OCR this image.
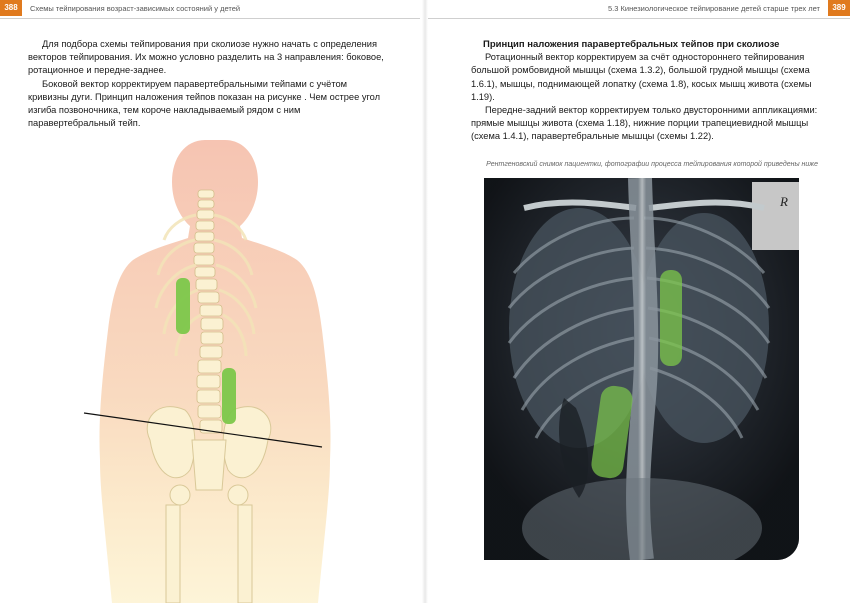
388	Схемы тейпирования возраст-зависимых состояний у детей	5.3 Кинезиологическое тейпирование детей старше трех лет	389

Для подбора схемы тейпирования при сколиозе нужно начать с определения векторов тейпирования. Их можно условно разделить на 3 направления: боковое, ротационное и передне-заднее.

Боковой вектор корректируем паравертебральными тейпами с учётом кривизны дуги. Принцип наложения тейпов показан на рисунке . Чем острее угол изгиба позвоночника, тем короче накладываемый рядом с ним паравертебральный тейп.

Принцип наложения паравертебральных тейпов при сколиозе

Ротационный вектор корректируем за счёт одностороннего тейпирования большой ромбовидной мышцы (схема 1.3.2), большой грудной мышцы (схема 1.6.1), мышцы, поднимающей лопатку (схема 1.8), косых мышц живота (схемы 1.19).

Передне-задний вектор корректируем только двусторонними аппликациями: прямые мышцы живота (схема 1.18), нижние порции трапециевидной мышцы (схема 1.4.1), паравертебральные мышцы (схемы 1.22).

Рентгеновский снимок пациентки, фотографии процесса тейпирования которой приведены ниже
R
